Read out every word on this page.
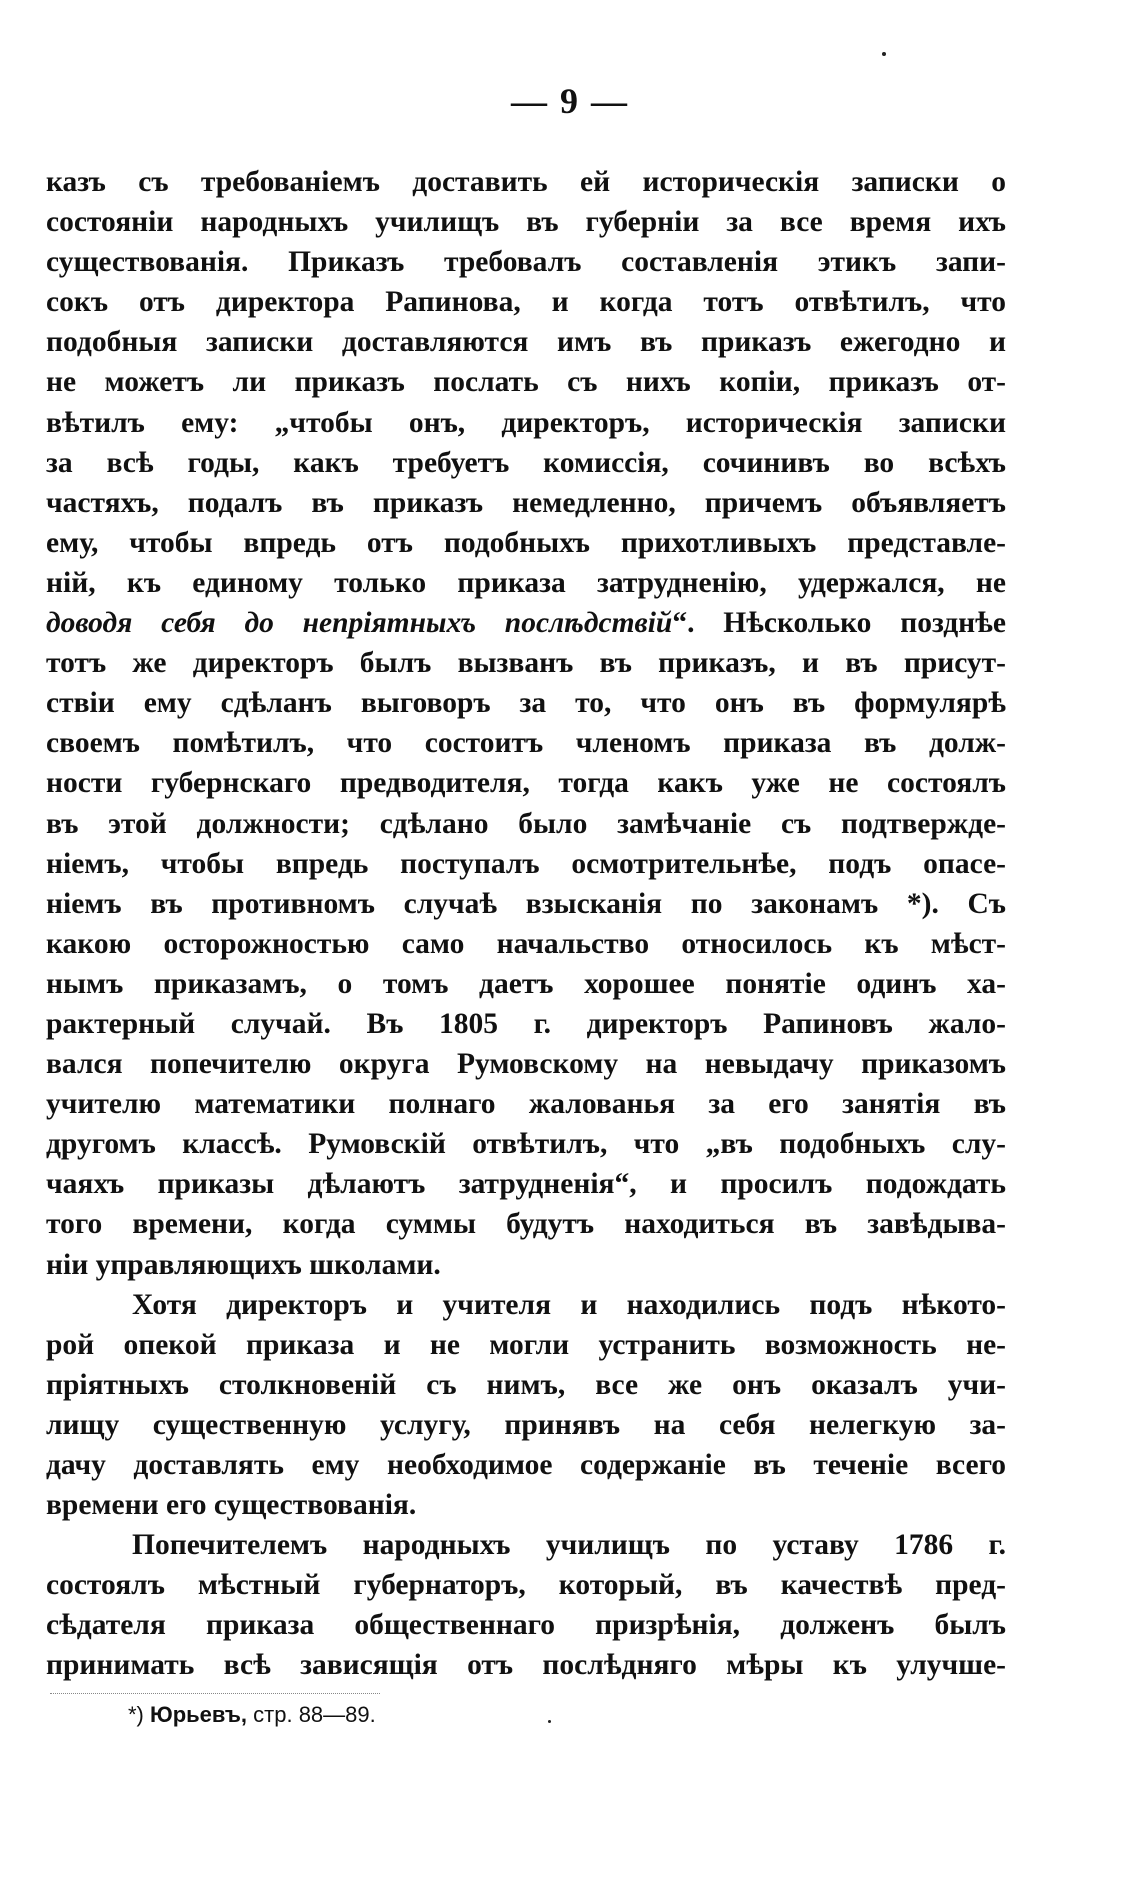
— 9 —
казъ съ требованіемъ доставить ей историческія записки о
состояніи народныхъ училищъ въ губерніи за все время ихъ
существованія. Приказъ требовалъ составленія этикъ запи-
сокъ отъ директора Рапинова, и когда тотъ отвѣтилъ, что
подобныя записки доставляются имъ въ приказъ ежегодно и
не можетъ ли приказъ послать съ нихъ копіи, приказъ от-
вѣтилъ ему: „чтобы онъ, директоръ, историческія записки
за всѣ годы, какъ требуетъ комиссія, сочинивъ во всѣхъ
частяхъ, подалъ въ приказъ немедленно, причемъ объявляетъ
ему, чтобы впредь отъ подобныхъ прихотливыхъ представле-
ній, къ единому только приказа затрудненію, удержался, не
доводя себя до непріятныхъ послѣдствій“. Нѣсколько позднѣе
тотъ же директоръ былъ вызванъ въ приказъ, и въ присут-
ствіи ему сдѣланъ выговоръ за то, что онъ въ формулярѣ
своемъ помѣтилъ, что состоитъ членомъ приказа въ долж-
ности губернскаго предводителя, тогда какъ уже не состоялъ
въ этой должности; сдѣлано было замѣчаніе съ подтвержде-
ніемъ, чтобы впредь поступалъ осмотрительнѣе, подъ опасе-
ніемъ въ противномъ случаѣ взысканія по законамъ *). Съ
какою осторожностью само начальство относилось къ мѣст-
нымъ приказамъ, о томъ даетъ хорошее понятіе одинъ ха-
рактерный случай. Въ 1805 г. директоръ Рапиновъ жало-
вался попечителю округа Румовскому на невыдачу приказомъ
учителю математики полнаго жалованья за его занятія въ
другомъ классѣ. Румовскій отвѣтилъ, что „въ подобныхъ слу-
чаяхъ приказы дѣлаютъ затрудненія“, и просилъ подождать
того времени, когда суммы будутъ находиться въ завѣдыва-
ніи управляющихъ школами.
Хотя директоръ и учителя и находились подъ нѣкото-
рой опекой приказа и не могли устранить возможность не-
пріятныхъ столкновеній съ нимъ, все же онъ оказалъ учи-
лищу существенную услугу, принявъ на себя нелегкую за-
дачу доставлять ему необходимое содержаніе въ теченіе всего
времени его существованія.
Попечителемъ народныхъ училищъ по уставу 1786 г.
состоялъ мѣстный губернаторъ, который, въ качествѣ пред-
сѣдателя приказа общественнаго призрѣнія, долженъ былъ
принимать всѣ зависящія отъ послѣдняго мѣры къ улучше-
*) Юрьевъ, стр. 88—89.
